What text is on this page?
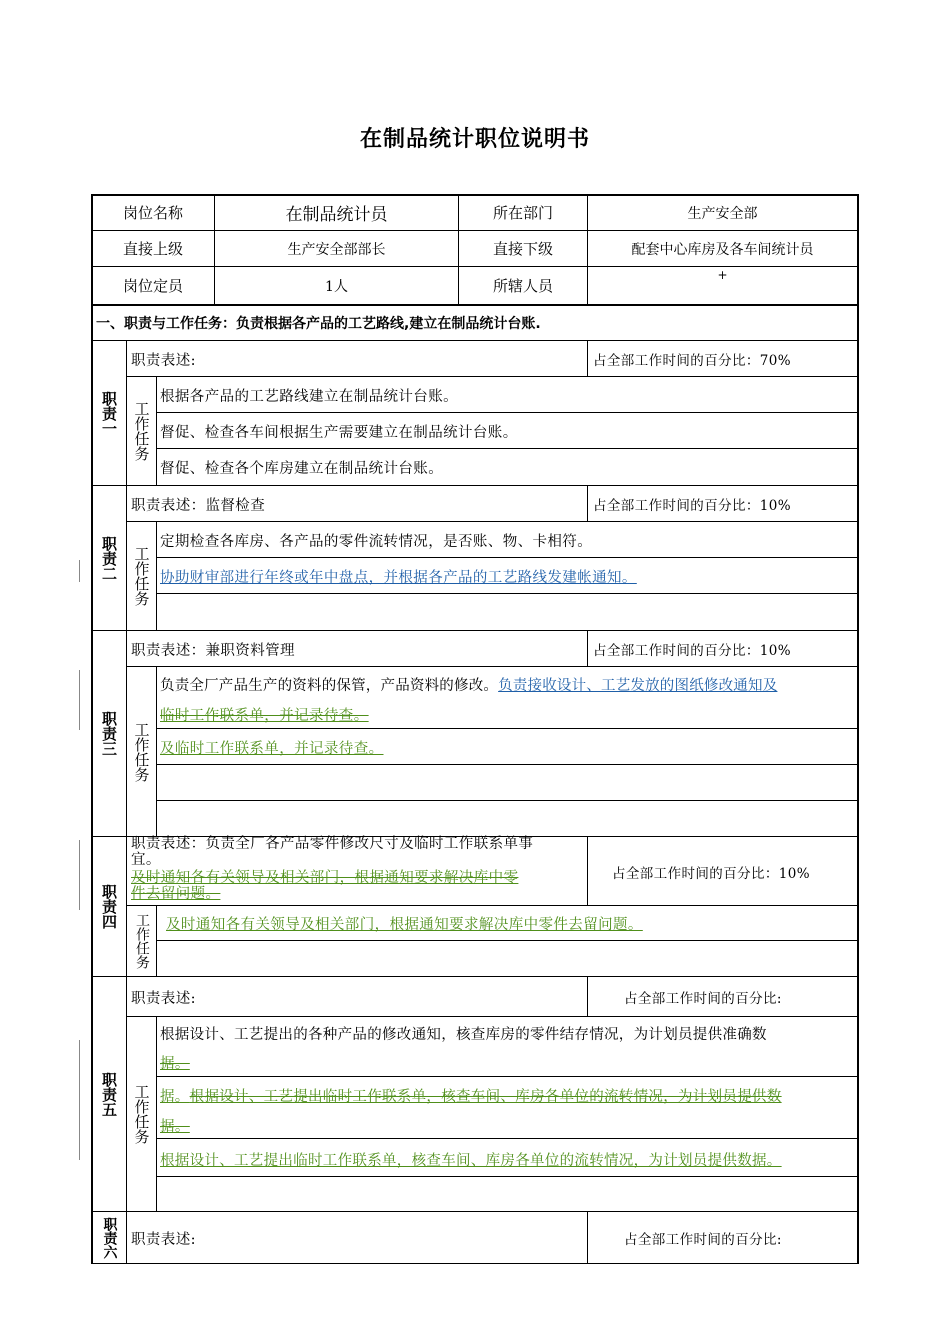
在制品统计职位说明书
岗位名称	在制品统计员	所在部门	生产安全部
直接上级	生产安全部部长	直接下级	配套中心库房及各车间统计员
岗位定员	1人	所辖人员
+
一、职责与工作任务：负责根据各产品的工艺路线,建立在制品统计台账.
职责一
职责表述:	占全部工作时间的百分比：70%
工作任务
根据各产品的工艺路线建立在制品统计台账。
督促、检查各车间根据生产需要建立在制品统计台账。
督促、检查各个库房建立在制品统计台账。
职责二
职责表述：监督检查	占全部工作时间的百分比：10%
工作任务
定期检查各库房、各产品的零件流转情况，是否账、物、卡相符。
协助财审部进行年终或年中盘点，并根据各产品的工艺路线发建帐通知。
职责三
职责表述：兼职资料管理	占全部工作时间的百分比：10%
工作任务
负责全厂产品生产的资料的保管，产品资料的修改。负责接收设计、工艺发放的图纸修改通知及
临时工作联系单，并记录待查。
及临时工作联系单，并记录待查。
职责四
职责表述：负责全厂各产品零件修改尺寸及临时工作联系单事
宜。
及时通知各有关领导及相关部门，根据通知要求解决库中零
件去留问题。
占全部工作时间的百分比：10%
工作任务 及时通知各有关领导及相关部门，根据通知要求解决库中零件去留问题。
职责五
职责表述:	占全部工作时间的百分比:
工作任务
根据设计、工艺提出的各种产品的修改通知，核查库房的零件结存情况，为计划员提供准确数
据。
据。根据设计、工艺提出临时工作联系单，核查车间、库房各单位的流转情况，为计划员提供数
据。
根据设计、工艺提出临时工作联系单，核查车间、库房各单位的流转情况，为计划员提供数据。
职责六 职责表述:	占全部工作时间的百分比:
